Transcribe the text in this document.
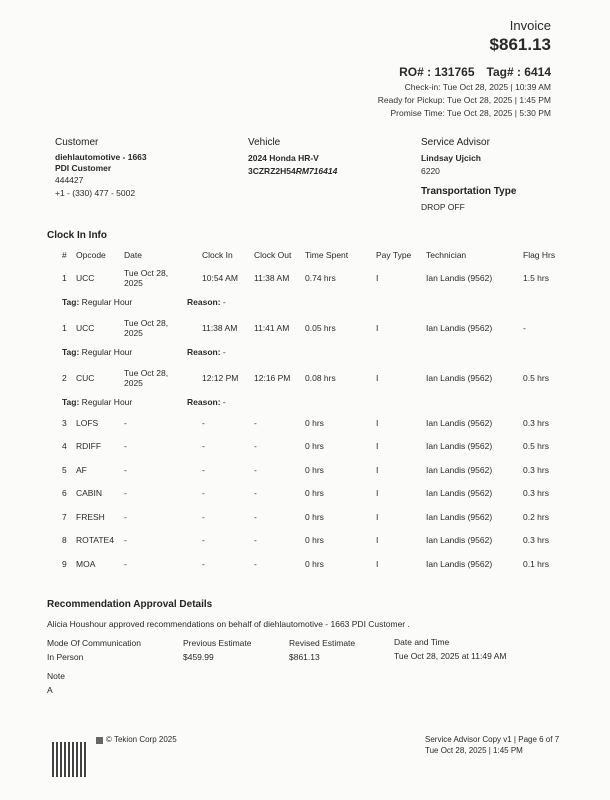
Invoice
$861.13
RO# : 131765 Tag# : 6414
Check-in: Tue Oct 28, 2025 | 10:39 AM
Ready for Pickup: Tue Oct 28, 2025 | 1:45 PM
Promise Time: Tue Oct 28, 2025 | 5:30 PM
Customer
diehlautomotive - 1663
PDI Customer
444427
+1 - (330) 477 - 5002
Vehicle
2024 Honda HR-V
3CZRZ2H54RM716414
Service Advisor
Lindsay Ujcich
6220
Transportation Type
DROP OFF
Clock In Info
# Opcode Date	Clock In	Clock Out Time Spent	Pay Type Technician	Flag Hrs
1 UCC	Tue Oct 28,
2025	10:54 AM 11:38 AM 0.74 hrs	I	Ian Landis (9562)	1.5 hrs
Tag: Regular Hour	Reason: -
1 UCC	Tue Oct 28,
2025	11:38 AM 11:41 AM 0.05 hrs	I	Ian Landis (9562)	-
Tag: Regular Hour	Reason: -
2 CUC	Tue Oct 28,
2025	12:12 PM 12:16 PM 0.08 hrs	I	Ian Landis (9562)	0.5 hrs
Tag: Regular Hour	Reason: -
3 LOFS	-	-	-	0 hrs	I	Ian Landis (9562)	0.3 hrs
4 RDIFF	-	-	-	0 hrs	I	Ian Landis (9562)	0.5 hrs
5 AF	-	-	-	0 hrs	I	Ian Landis (9562)	0.3 hrs
6 CABIN	-	-	-	0 hrs	I	Ian Landis (9562)	0.3 hrs
7 FRESH -	-	-	0 hrs	I	Ian Landis (9562)	0.2 hrs
8 ROTATE4 -	-	-	0 hrs	I	Ian Landis (9562)	0.3 hrs
9 MOA	-	-	-	0 hrs	I	Ian Landis (9562)	0.1 hrs
Recommendation Approval Details
Alicia Houshour approved recommendations on behalf of diehlautomotive - 1663 PDI Customer .
Mode Of Communication
In Person
Previous Estimate
$459.99
Revised Estimate
$861.13
Date and Time
Tue Oct 28, 2025 at 11:49 AM
Note
A
© Tekion Corp 2025	Service Advisor Copy v1 | Page 6 of 7
Tue Oct 28, 2025 | 1:45 PM
